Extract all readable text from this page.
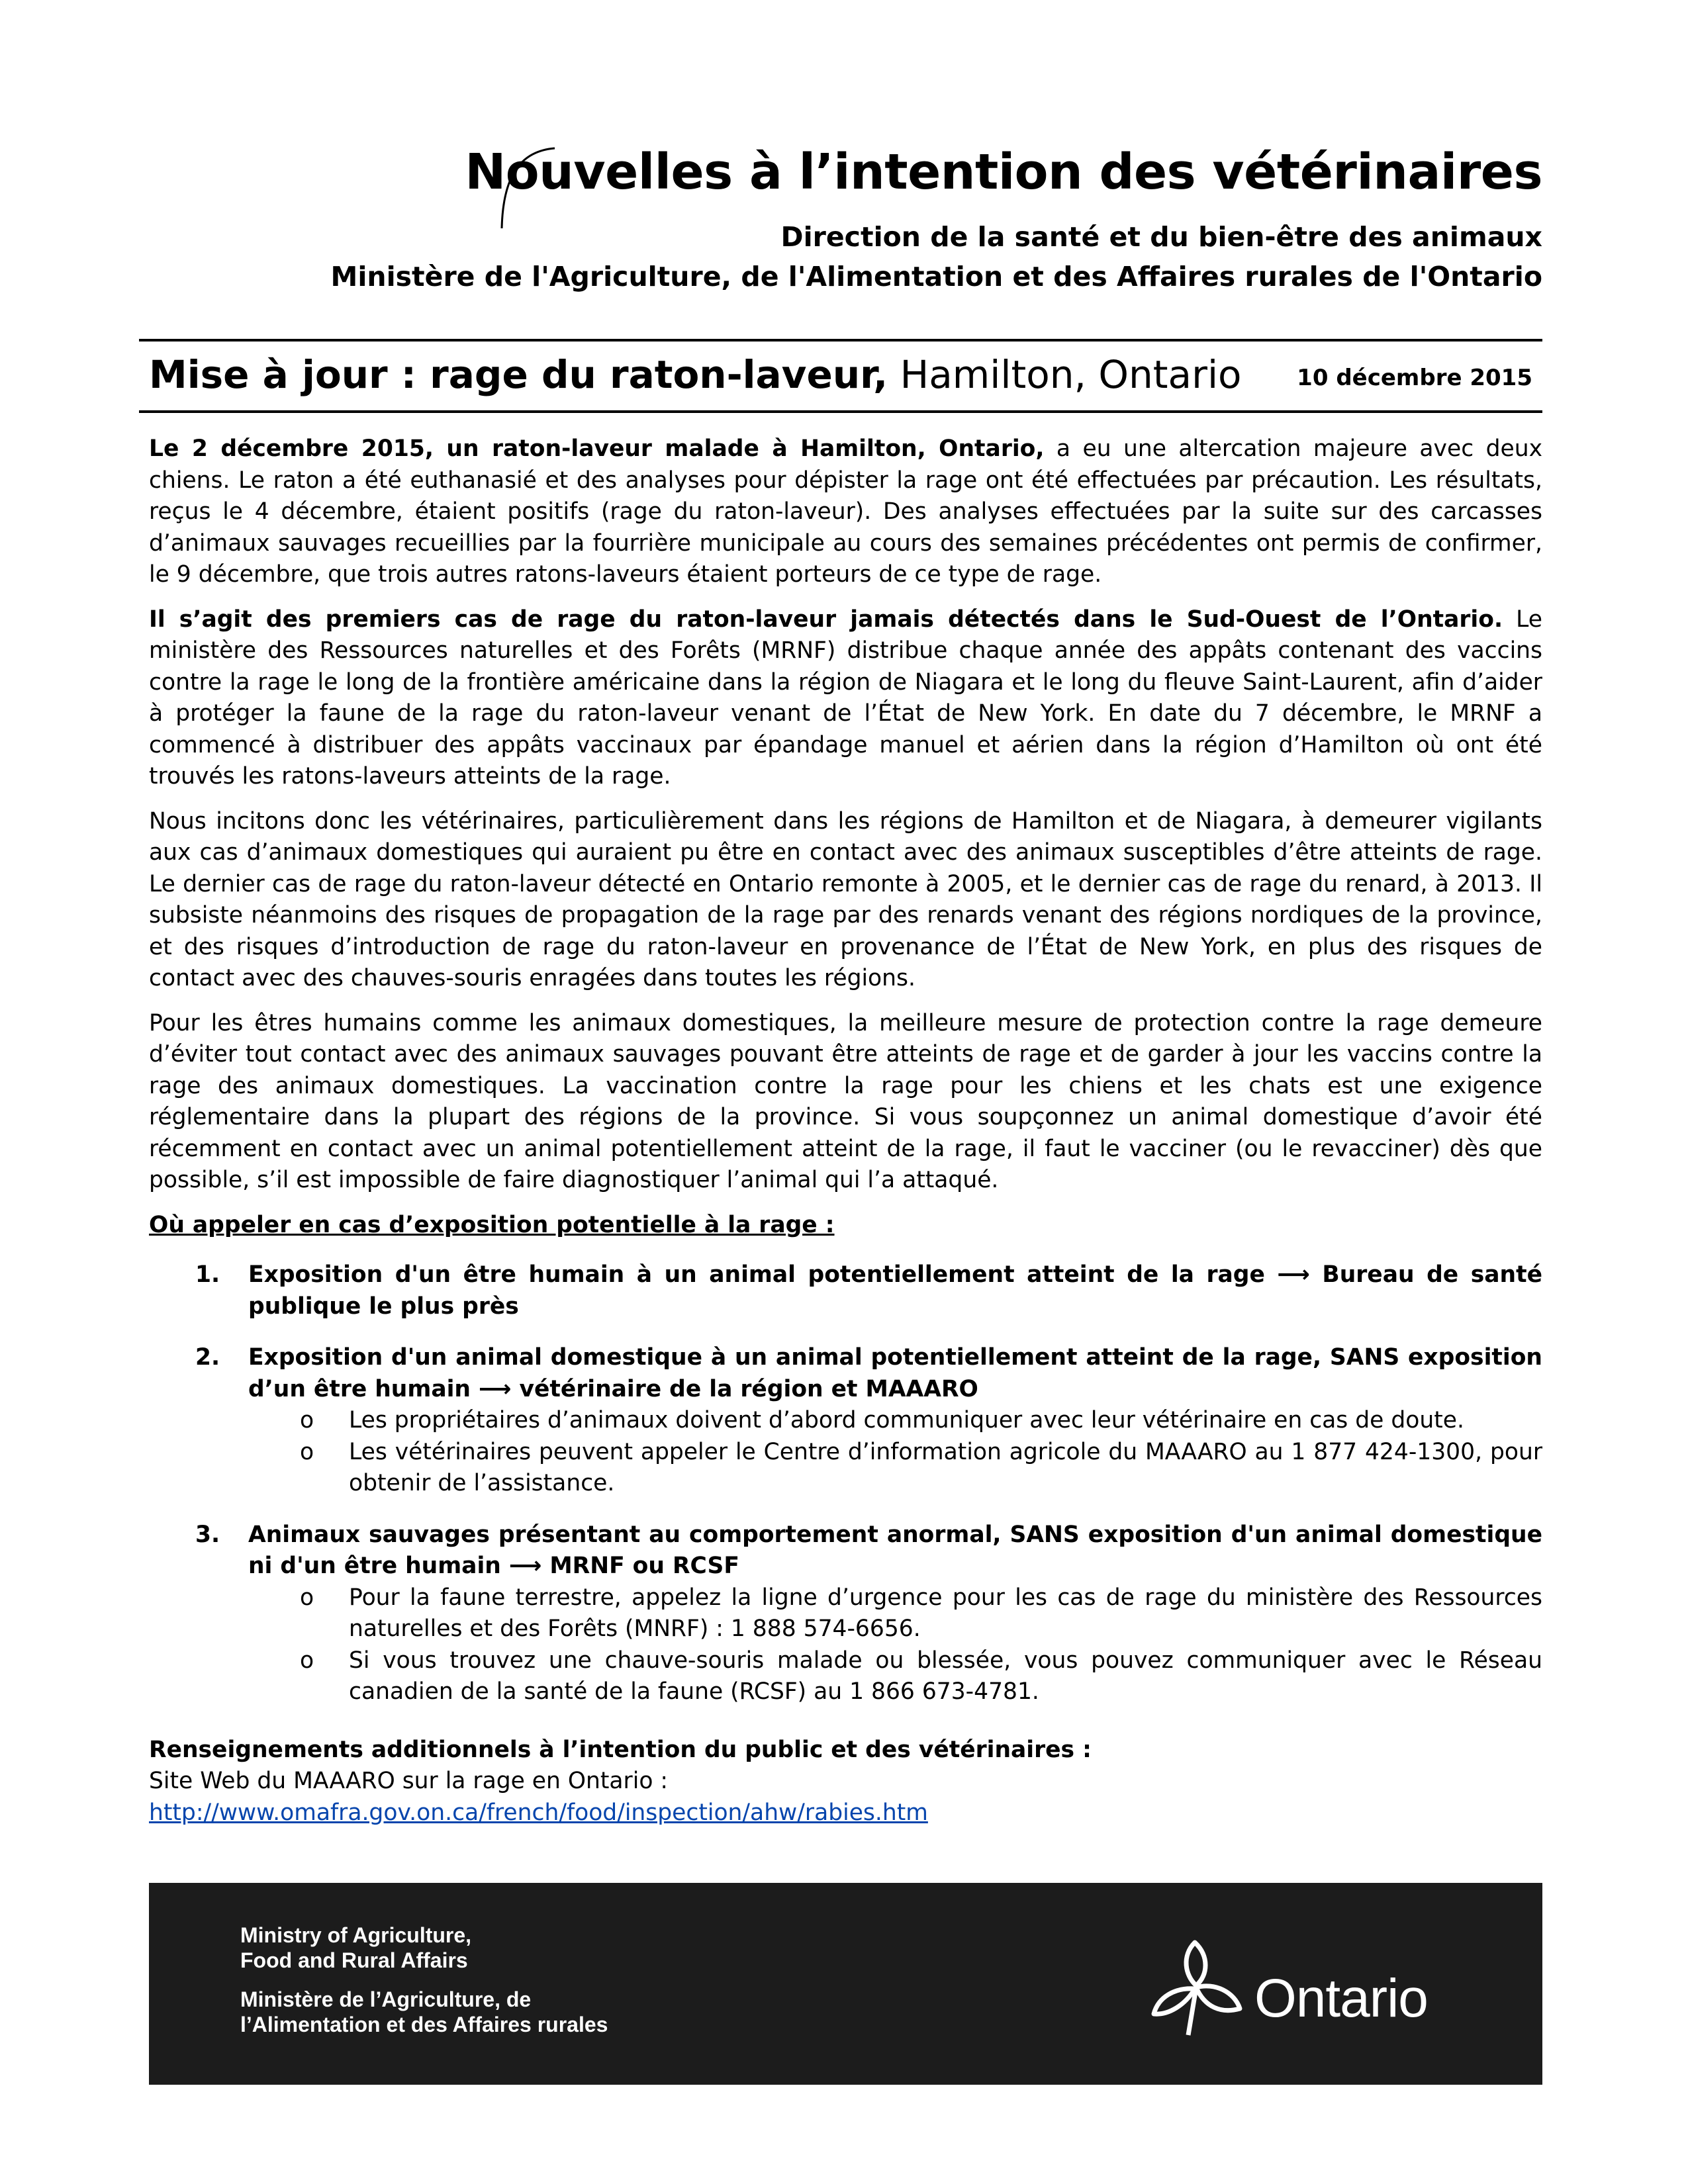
Nouvelles à l’intention des vétérinaires
Direction de la santé et du bien-être des animaux
Ministère de l'Agriculture, de l'Alimentation et des Affaires rurales de l'Ontario
Mise à jour : rage du raton-laveur, Hamilton, Ontario 10 décembre 2015

Le 2 décembre 2015, un raton-laveur malade à Hamilton, Ontario, a eu une altercation majeure avec deux chiens. Le raton a été euthanasié et des analyses pour dépister la rage ont été effectuées par précaution. Les résultats, reçus le 4 décembre, étaient positifs (rage du raton-laveur). Des analyses effectuées par la suite sur des carcasses d’animaux sauvages recueillies par la fourrière municipale au cours des semaines précédentes ont permis de confirmer, le 9 décembre, que trois autres ratons-laveurs étaient porteurs de ce type de rage.

Il s’agit des premiers cas de rage du raton-laveur jamais détectés dans le Sud-Ouest de l’Ontario. Le ministère des Ressources naturelles et des Forêts (MRNF) distribue chaque année des appâts contenant des vaccins contre la rage le long de la frontière américaine dans la région de Niagara et le long du fleuve Saint-Laurent, afin d’aider à protéger la faune de la rage du raton-laveur venant de l’État de New York. En date du 7 décembre, le MRNF a commencé à distribuer des appâts vaccinaux par épandage manuel et aérien dans la région d’Hamilton où ont été trouvés les ratons-laveurs atteints de la rage.

Nous incitons donc les vétérinaires, particulièrement dans les régions de Hamilton et de Niagara, à demeurer vigilants aux cas d’animaux domestiques qui auraient pu être en contact avec des animaux susceptibles d’être atteints de rage. Le dernier cas de rage du raton-laveur détecté en Ontario remonte à 2005, et le dernier cas de rage du renard, à 2013. Il subsiste néanmoins des risques de propagation de la rage par des renards venant des régions nordiques de la province, et des risques d’introduction de rage du raton-laveur en provenance de l’État de New York, en plus des risques de contact avec des chauves-souris enragées dans toutes les régions.

Pour les êtres humains comme les animaux domestiques, la meilleure mesure de protection contre la rage demeure d’éviter tout contact avec des animaux sauvages pouvant être atteints de rage et de garder à jour les vaccins contre la rage des animaux domestiques. La vaccination contre la rage pour les chiens et les chats est une exigence réglementaire dans la plupart des régions de la province. Si vous soupçonnez un animal domestique d’avoir été récemment en contact avec un animal potentiellement atteint de la rage, il faut le vacciner (ou le revacciner) dès que possible, s’il est impossible de faire diagnostiquer l’animal qui l’a attaqué.

Où appeler en cas d’exposition potentielle à la rage :
1. Exposition d'un être humain à un animal potentiellement atteint de la rage ⟶ Bureau de santé publique le plus près
2. Exposition d'un animal domestique à un animal potentiellement atteint de la rage, SANS exposition d’un être humain ⟶ vétérinaire de la région et MAAARO
o Les propriétaires d’animaux doivent d’abord communiquer avec leur vétérinaire en cas de doute.
o Les vétérinaires peuvent appeler le Centre d’information agricole du MAAARO au 1 877 424-1300, pour obtenir de l’assistance.
3. Animaux sauvages présentant au comportement anormal, SANS exposition d'un animal domestique ni d'un être humain ⟶ MRNF ou RCSF
o Pour la faune terrestre, appelez la ligne d’urgence pour les cas de rage du ministère des Ressources naturelles et des Forêts (MNRF) : 1 888 574-6656.
o Si vous trouvez une chauve-souris malade ou blessée, vous pouvez communiquer avec le Réseau canadien de la santé de la faune (RCSF) au 1 866 673-4781.
Renseignements additionnels à l’intention du public et des vétérinaires :
Site Web du MAAARO sur la rage en Ontario :
http://www.omafra.gov.on.ca/french/food/inspection/ahw/rabies.htm
Ministry of Agriculture,
Food and Rural Affairs
Ministère de l’Agriculture, de
l’Alimentation et des Affaires rurales	Ontario
